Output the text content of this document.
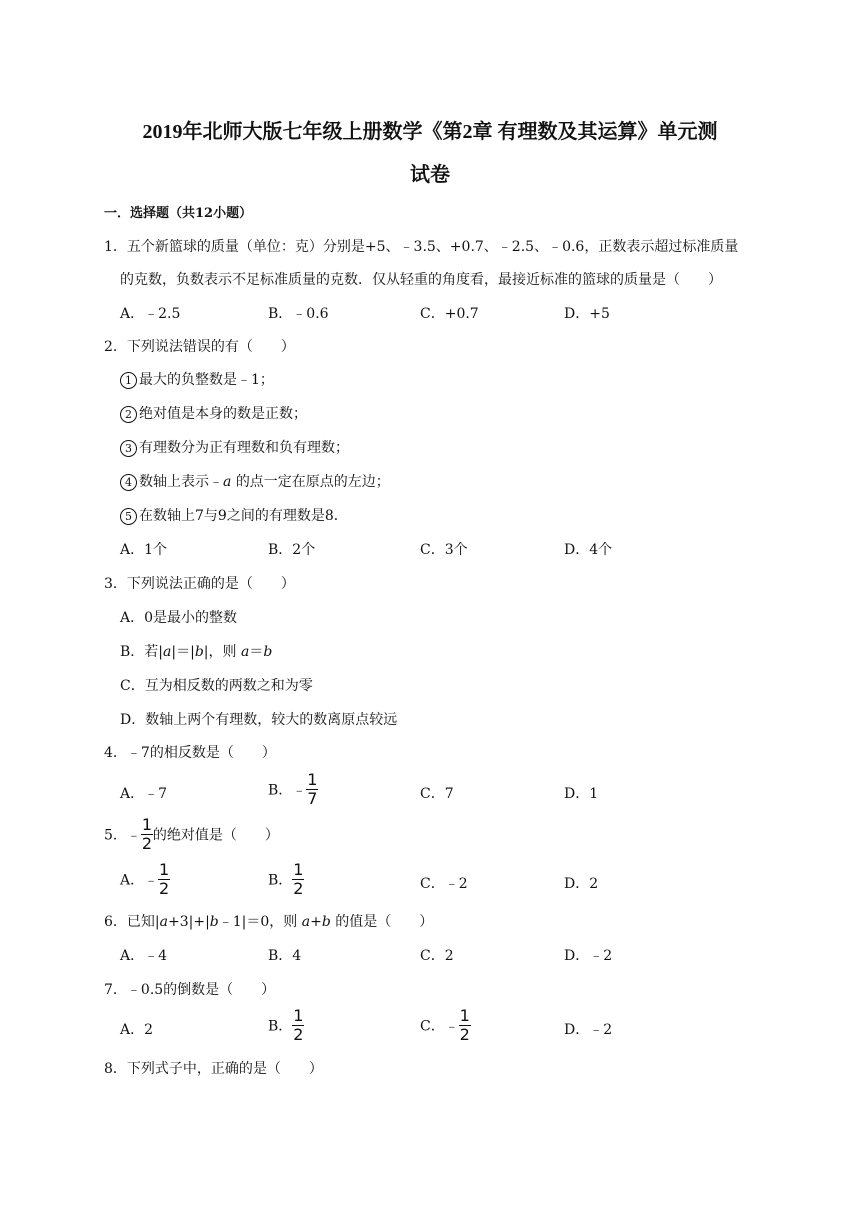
2019年北师大版七年级上册数学《第2章 有理数及其运算》单元测
试卷
一．选择题（共12小题）
1．五个新篮球的质量（单位：克）分别是+5、﹣3.5、+0.7、﹣2.5、﹣0.6，正数表示超过标准质量
的克数，负数表示不足标准质量的克数．仅从轻重的角度看，最接近标准的篮球的质量是（　　）
A．﹣2.5	B．﹣0.6	C．+0.7	D．+5
2．下列说法错误的有（　　）
1 最大的负整数是﹣1；
2 绝对值是本身的数是正数；
3 有理数分为正有理数和负有理数；
4 数轴上表示﹣a 的点一定在原点的左边；
5 在数轴上7与9之间的有理数是8．
A．1个	B．2个	C．3个	D．4个
3．下列说法正确的是（　　）
A．0是最小的整数
B．若|a|＝|b|，则 a＝b
C．互为相反数的两数之和为零
D．数轴上两个有理数，较大的数离原点较远
4．﹣7的相反数是（　　）
A．﹣7	B．﹣ $\frac{1}{7}$	C．7	D．1
5．﹣ $\frac{1}{2}$ 的绝对值是（　　）
A．﹣ $\frac{1}{2}$	B． $\frac{1}{2}$	C．﹣2	D．2
6．已知|a+3|+|b﹣1|＝0，则 a+b 的值是（　　）
A．﹣4	B．4	C．2	D．﹣2
7．﹣0.5的倒数是（　　）
A．2	B． $\frac{1}{2}$	C．﹣ $\frac{1}{2}$	D．﹣2
8．下列式子中，正确的是（　　）
